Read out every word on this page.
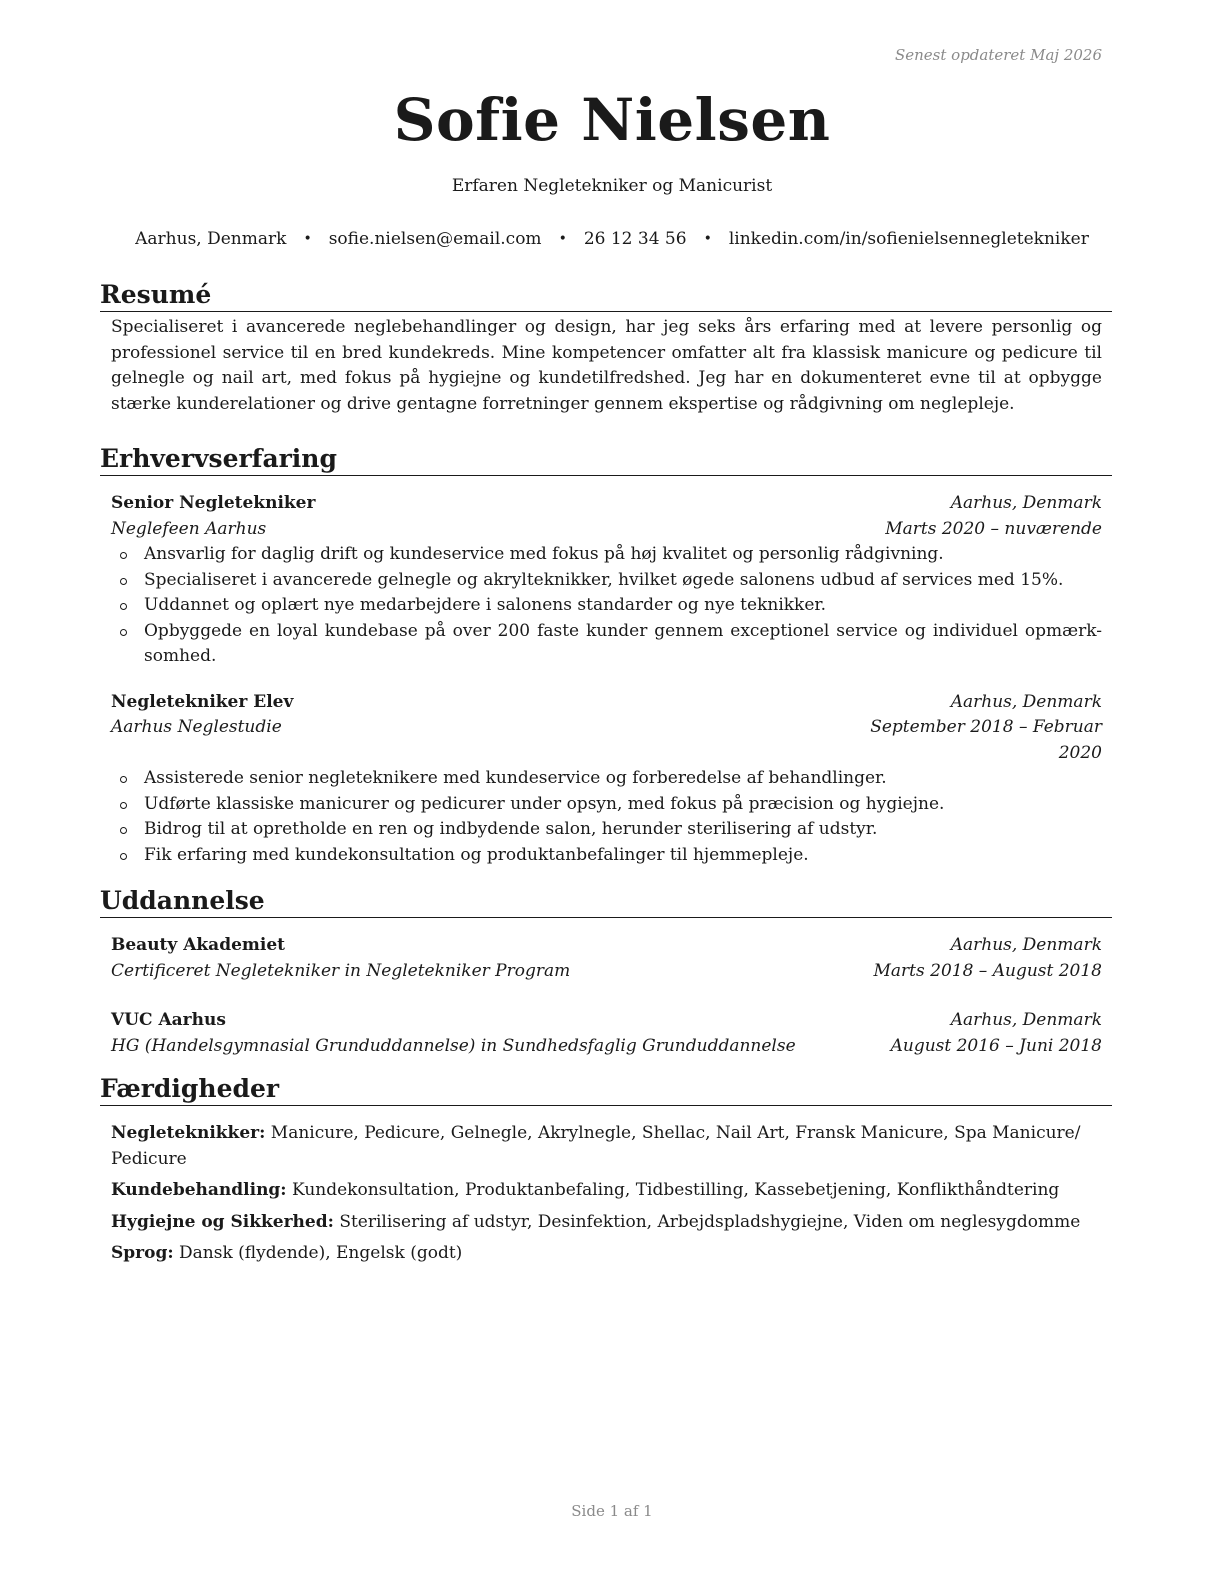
Senest opdateret Maj 2026
Sofie Nielsen
Erfaren Negletekniker og Manicurist
Aarhus, Denmark • sofie.nielsen@email.com • 26 12 34 56 • linkedin.com/in/sofienielsennegletekniker
Resumé
Specialiseret i avancerede neglebehandlinger og design, har jeg seks års erfaring med at levere personlig og professionel service til en bred kundekreds. Mine kompetencer omfatter alt fra klassisk manicure og pedicure til gelnegle og nail art, med fokus på hygiejne og kundetilfredshed. Jeg har en dokumenteret evne til at opbygge stærke kunderelationer og drive gentagne forretninger gennem ekspertise og rådgivning om neglepleje.
Erhvervserfaring
Senior Negletekniker	Aarhus, Denmark
Neglefeen Aarhus	Marts 2020 – nuværende
Ansvarlig for daglig drift og kundeservice med fokus på høj kvalitet og personlig rådgivning.
Specialiseret i avancerede gelnegle og akrylteknikker, hvilket øgede salonens udbud af services med 15%.
Uddannet og oplært nye medarbejdere i salonens standarder og nye teknikker.
Opbyggede en loyal kundebase på over 200 faste kunder gennem exceptionel service og individuel opmærk-somhed.
Negletekniker Elev	Aarhus, Denmark
Aarhus Neglestudie	September 2018 – Februar
2020
Assisterede senior negleteknikere med kundeservice og forberedelse af behandlinger.
Udførte klassiske manicurer og pedicurer under opsyn, med fokus på præcision og hygiejne.
Bidrog til at opretholde en ren og indbydende salon, herunder sterilisering af udstyr.
Fik erfaring med kundekonsultation og produktanbefalinger til hjemmepleje.
Uddannelse
Beauty Akademiet	Aarhus, Denmark
Certificeret Negletekniker in Negletekniker Program	Marts 2018 – August 2018
VUC Aarhus	Aarhus, Denmark
HG (Handelsgymnasial Grunduddannelse) in Sundhedsfaglig Grunduddannelse	August 2016 – Juni 2018
Færdigheder
Negleteknikker: Manicure, Pedicure, Gelnegle, Akrylnegle, Shellac, Nail Art, Fransk Manicure, Spa Manicure/ Pedicure
Kundebehandling: Kundekonsultation, Produktanbefaling, Tidbestilling, Kassebetjening, Konflikthåndtering
Hygiejne og Sikkerhed: Sterilisering af udstyr, Desinfektion, Arbejdspladshygiejne, Viden om neglesygdomme
Sprog: Dansk (flydende), Engelsk (godt)
Side 1 af 1
